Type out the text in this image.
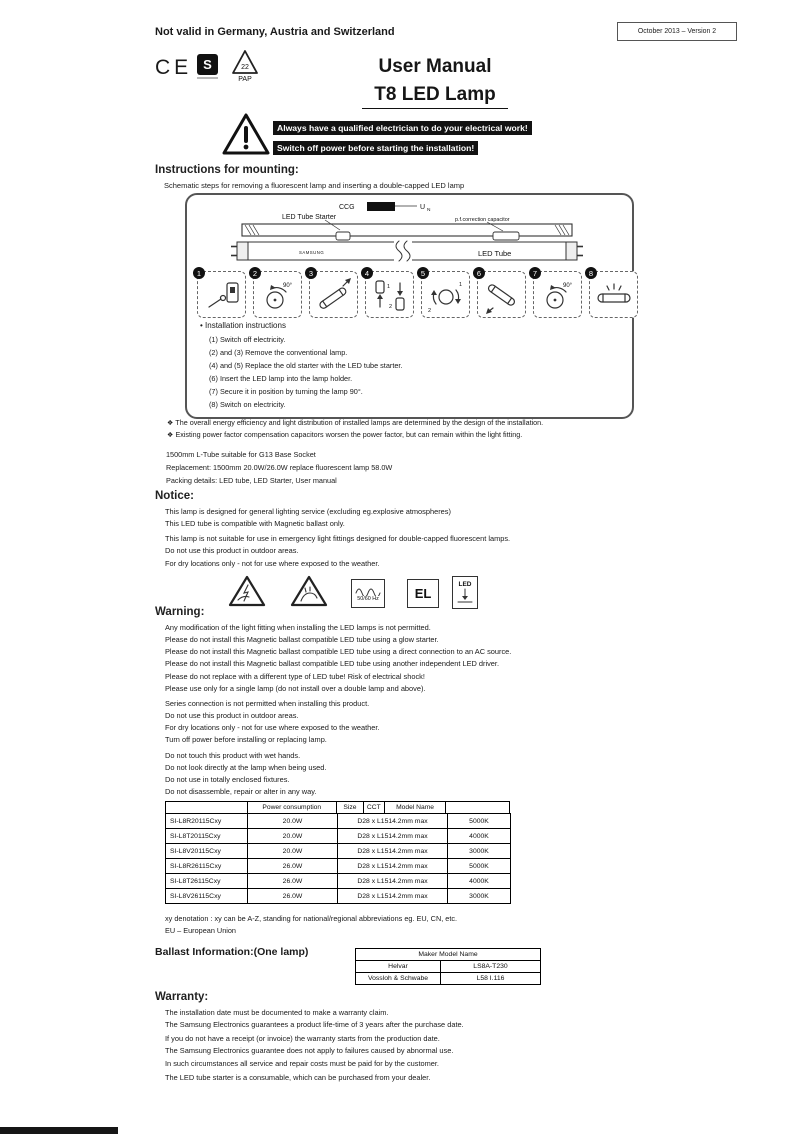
Not valid in Germany, Austria and Switzerland	October 2013 – Version 2
CE S	22
PAP
User Manual
T8 LED Lamp
Always have a qualified electrician to do your electrical work!
Switch off power before starting the installation!
Instructions for mounting:
Schematic steps for removing a fluorescent lamp and inserting a double-capped LED lamp
CCG	U N
LED Tube Starter	p.f.correction capacitor
SAMSUNG	LED Tube
1	2
90°
3	4
1
2
5
1
2
6	7
90°
8
• Installation instructions
(1) Switch off electricity.
(2) and (3) Remove the conventional lamp.
(4) and (5) Replace the old starter with the LED tube starter.
(6) Insert the LED lamp into the lamp holder.
(7) Secure it in position by turning the lamp 90°.
(8) Switch on electricity.
❖ The overall energy efficiency and light distribution of installed lamps are determined by the design of the installation.
❖ Existing power factor compensation capacitors worsen the power factor, but can remain within the light fitting.
1500mm L-Tube suitable for G13 Base Socket
Replacement: 1500mm 20.0W/26.0W replace fluorescent lamp 58.0W
Packing details: LED tube, LED Starter, User manual
Notice:
This lamp is designed for general lighting service (excluding eg.explosive atmospheres)
This LED tube is compatible with Magnetic ballast only.
This lamp is not suitable for use in emergency light fittings designed for double-capped fluorescent lamps.
Do not use this product in outdoor areas.
For dry locations only - not for use where exposed to the weather.
50/60 Hz	EL
LED
Warning:
Any modification of the light fitting when installing the LED lamps is not permitted.
Please do not install this Magnetic ballast compatible LED tube using a glow starter.
Please do not install this Magnetic ballast compatible LED tube using a direct connection to an AC source.
Please do not install this Magnetic ballast compatible LED tube using another independent LED driver.
Please do not replace with a different type of LED tube! Risk of electrical shock!
Please use only for a single lamp (do not install over a double lamp and above).
Series connection is not permitted when installing this product.
Do not use this product in outdoor areas.
For dry locations only - not for use where exposed to the weather.
Turn off power before installing or replacing lamp.
Do not touch this product with wet hands.
Do not look directly at the lamp when being used.
Do not use in totally enclosed fixtures.
Do not disassemble, repair or alter in any way.
Power consumption	Size	CCT	Model Name
SI-L8R20115Cxy	20.0W	D28 x L1514.2mm max	5000K
SI-L8T20115Cxy	20.0W	D28 x L1514.2mm max	4000K
SI-L8V20115Cxy	20.0W	D28 x L1514.2mm max	3000K
SI-L8R26115Cxy	26.0W	D28 x L1514.2mm max	5000K
SI-L8T26115Cxy	26.0W	D28 x L1514.2mm max	4000K
SI-L8V26115Cxy	26.0W	D28 x L1514.2mm max	3000K
xy denotation : xy can be A-Z, standing for national/regional abbreviations eg. EU, CN, etc.
EU – European Union
Ballast Information:(One lamp)	Maker Model Name	
Helvar	LS8A-T230
Vossloh & Schwabe	L58 I.116
Warranty:
The installation date must be documented to make a warranty claim.
The Samsung Electronics guarantees a product life-time of 3 years after the purchase date.
If you do not have a receipt (or invoice) the warranty starts from the production date.
The Samsung Electronics guarantee does not apply to failures caused by abnormal use.
In such circumstances all service and repair costs must be paid for by the customer.
The LED tube starter is a consumable, which can be purchased from your dealer.
